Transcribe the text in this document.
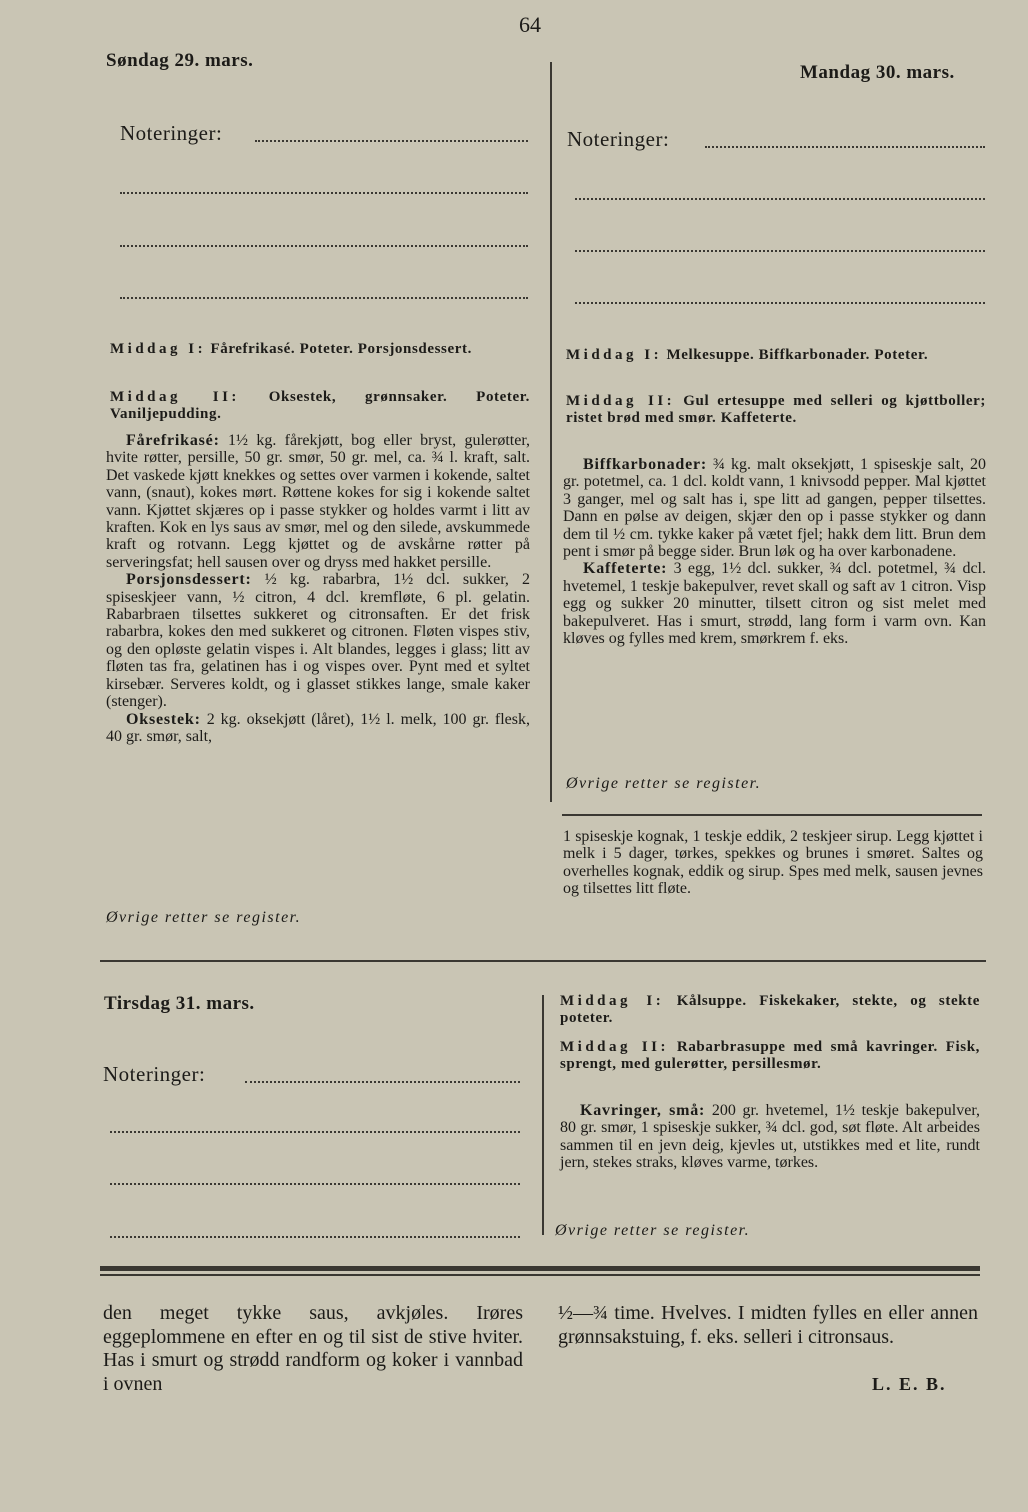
64
Søndag 29. mars.
Noteringer:
Middag I: Fårefrikasé. Poteter. Porsjonsdessert.
Middag II: Oksestek, grønnsaker. Poteter. Vaniljepudding.

Fårefrikasé: 1½ kg. fårekjøtt, bog eller bryst, gulerøtter, hvite røtter, persille, 50 gr. smør, 50 gr. mel, ca. ¾ l. kraft, salt. Det vaskede kjøtt knekkes og settes over varmen i kokende, saltet vann, (snaut), kokes mørt. Røttene kokes for sig i kokende saltet vann. Kjøttet skjæres op i passe stykker og holdes varmt i litt av kraften. Kok en lys saus av smør, mel og den silede, avskummede kraft og rotvann. Legg kjøttet og de avskårne røtter på serveringsfat; hell sausen over og dryss med hakket persille.

Porsjonsdessert: ½ kg. rabarbra, 1½ dcl. sukker, 2 spiseskjeer vann, ½ citron, 4 dcl. kremfløte, 6 pl. gelatin. Rabarbraen tilsettes sukkeret og citronsaften. Er det frisk rabarbra, kokes den med sukkeret og citronen. Fløten vispes stiv, og den opløste gelatin vispes i. Alt blandes, legges i glass; litt av fløten tas fra, gelatinen has i og vispes over. Pynt med et syltet kirsebær. Serveres koldt, og i glasset stikkes lange, smale kaker (stenger).

Oksestek: 2 kg. oksekjøtt (låret), 1½ l. melk, 100 gr. flesk, 40 gr. smør, salt,

Øvrige retter se register.
Mandag 30. mars.
Noteringer:
Middag I: Melkesuppe. Biffkarbonader. Poteter.
Middag II: Gul ertesuppe med selleri og kjøttboller; ristet brød med smør. Kaffeterte.

Biffkarbonader: ¾ kg. malt oksekjøtt, 1 spiseskje salt, 20 gr. potetmel, ca. 1 dcl. koldt vann, 1 knivsodd pepper. Mal kjøttet 3 ganger, mel og salt has i, spe litt ad gangen, pepper tilsettes. Dann en pølse av deigen, skjær den op i passe stykker og dann dem til ½ cm. tykke kaker på vætet fjel; hakk dem litt. Brun dem pent i smør på begge sider. Brun løk og ha over karbonadene.

Kaffeterte: 3 egg, 1½ dcl. sukker, ¾ dcl. potetmel, ¾ dcl. hvetemel, 1 teskje bakepulver, revet skall og saft av 1 citron. Visp egg og sukker 20 minutter, tilsett citron og sist melet med bakepulveret. Has i smurt, strødd, lang form i varm ovn. Kan kløves og fylles med krem, smørkrem f. eks.

Øvrige retter se register.

1 spiseskje kognak, 1 teskje eddik, 2 teskjeer sirup. Legg kjøttet i melk i 5 dager, tørkes, spekkes og brunes i smøret. Saltes og overhelles kognak, eddik og sirup. Spes med melk, sausen jevnes og tilsettes litt fløte.

Tirsdag 31. mars.
Noteringer:
Middag I: Kålsuppe. Fiskekaker, stekte, og stekte poteter.
Middag II: Rabarbrasuppe med små kavringer. Fisk, sprengt, med gulerøtter, persillesmør.

Kavringer, små: 200 gr. hvetemel, 1½ teskje bakepulver, 80 gr. smør, 1 spiseskje sukker, ¾ dcl. god, søt fløte. Alt arbeides sammen til en jevn deig, kjevles ut, utstikkes med et lite, rundt jern, stekes straks, kløves varme, tørkes.

Øvrige retter se register.

den meget tykke saus, avkjøles. Irøres eggeplommene en efter en og til sist de stive hviter. Has i smurt og strødd randform og koker i vannbad i ovnen

½—¾ time. Hvelves. I midten fylles en eller annen grønnsakstuing, f. eks. selleri i citronsaus.

L. E. B.
